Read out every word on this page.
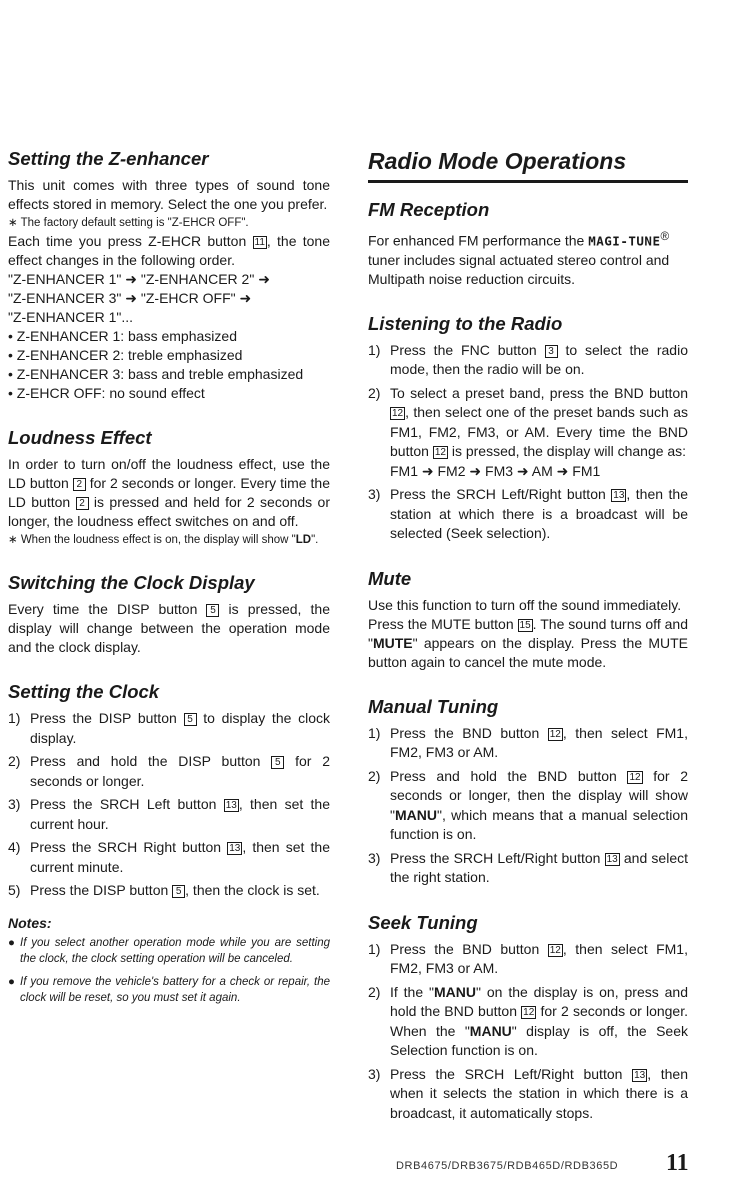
Setting the Z-enhancer

This unit comes with three types of sound tone effects stored in memory. Select the one you prefer.

∗ The factory default setting is "Z-EHCR OFF".

Each time you press Z-EHCR button 11 , the tone effect changes in the following order.

"Z-ENHANCER 1" ➜ "Z-ENHANCER 2" ➜

"Z-ENHANCER 3" ➜ "Z-EHCR OFF" ➜

"Z-ENHANCER 1"...

• Z-ENHANCER 1: bass emphasized

• Z-ENHANCER 2: treble emphasized

• Z-ENHANCER 3: bass and treble emphasized

• Z-EHCR OFF: no sound effect

Loudness Effect

In order to turn on/off the loudness effect, use the LD button 2 for 2 seconds or longer. Every time the LD button 2 is pressed and held for 2 seconds or longer, the loudness effect switches on and off.

∗ When the loudness effect is on, the display will show "LD".

Switching the Clock Display

Every time the DISP button 5 is pressed, the display will change between the operation mode and the clock display.

Setting the Clock
1) Press the DISP button 5 to display the clock display.
2) Press and hold the DISP button 5 for 2 seconds or longer.
3) Press the SRCH Left button 13 , then set the current hour.
4) Press the SRCH Right button 13 , then set the current minute.
5) Press the DISP button 5 , then the clock is set.
Notes:
● If you select another operation mode while you are setting the clock, the clock setting operation will be canceled.
● If you remove the vehicle's battery for a check or repair, the clock will be reset, so you must set it again.
Radio Mode Operations
FM Reception

For enhanced FM performance the MAGI-TUNE® tuner includes signal actuated stereo control and Multipath noise reduction circuits.

Listening to the Radio
1) Press the FNC button 3 to select the radio mode, then the radio will be on.
2) To select a preset band, press the BND button 12 , then select one of the preset bands such as FM1, FM2, FM3, or AM. Every time the BND button 12 is pressed, the display will change as:
FM1 ➜ FM2 ➜ FM3 ➜ AM ➜ FM1
3) Press the SRCH Left/Right button 13 , then the station at which there is a broadcast will be selected (Seek selection).
Mute

Use this function to turn off the sound immediately.

Press the MUTE button 15 . The sound turns off and "MUTE" appears on the display. Press the MUTE button again to cancel the mute mode.

Manual Tuning
1) Press the BND button 12 , then select FM1, FM2, FM3 or AM.
2) Press and hold the BND button 12 for 2 seconds or longer, then the display will show "MANU", which means that a manual selection function is on.
3) Press the SRCH Left/Right button 13 and select the right station.
Seek Tuning
1) Press the BND button 12 , then select FM1, FM2, FM3 or AM.
2) If the "MANU" on the display is on, press and hold the BND button 12 for 2 seconds or longer. When the "MANU" display is off, the Seek Selection function is on.
3) Press the SRCH Left/Right button 13 , then when it selects the station in which there is a broadcast, it automatically stops.
DRB4675/DRB3675/RDB465D/RDB365D 11
